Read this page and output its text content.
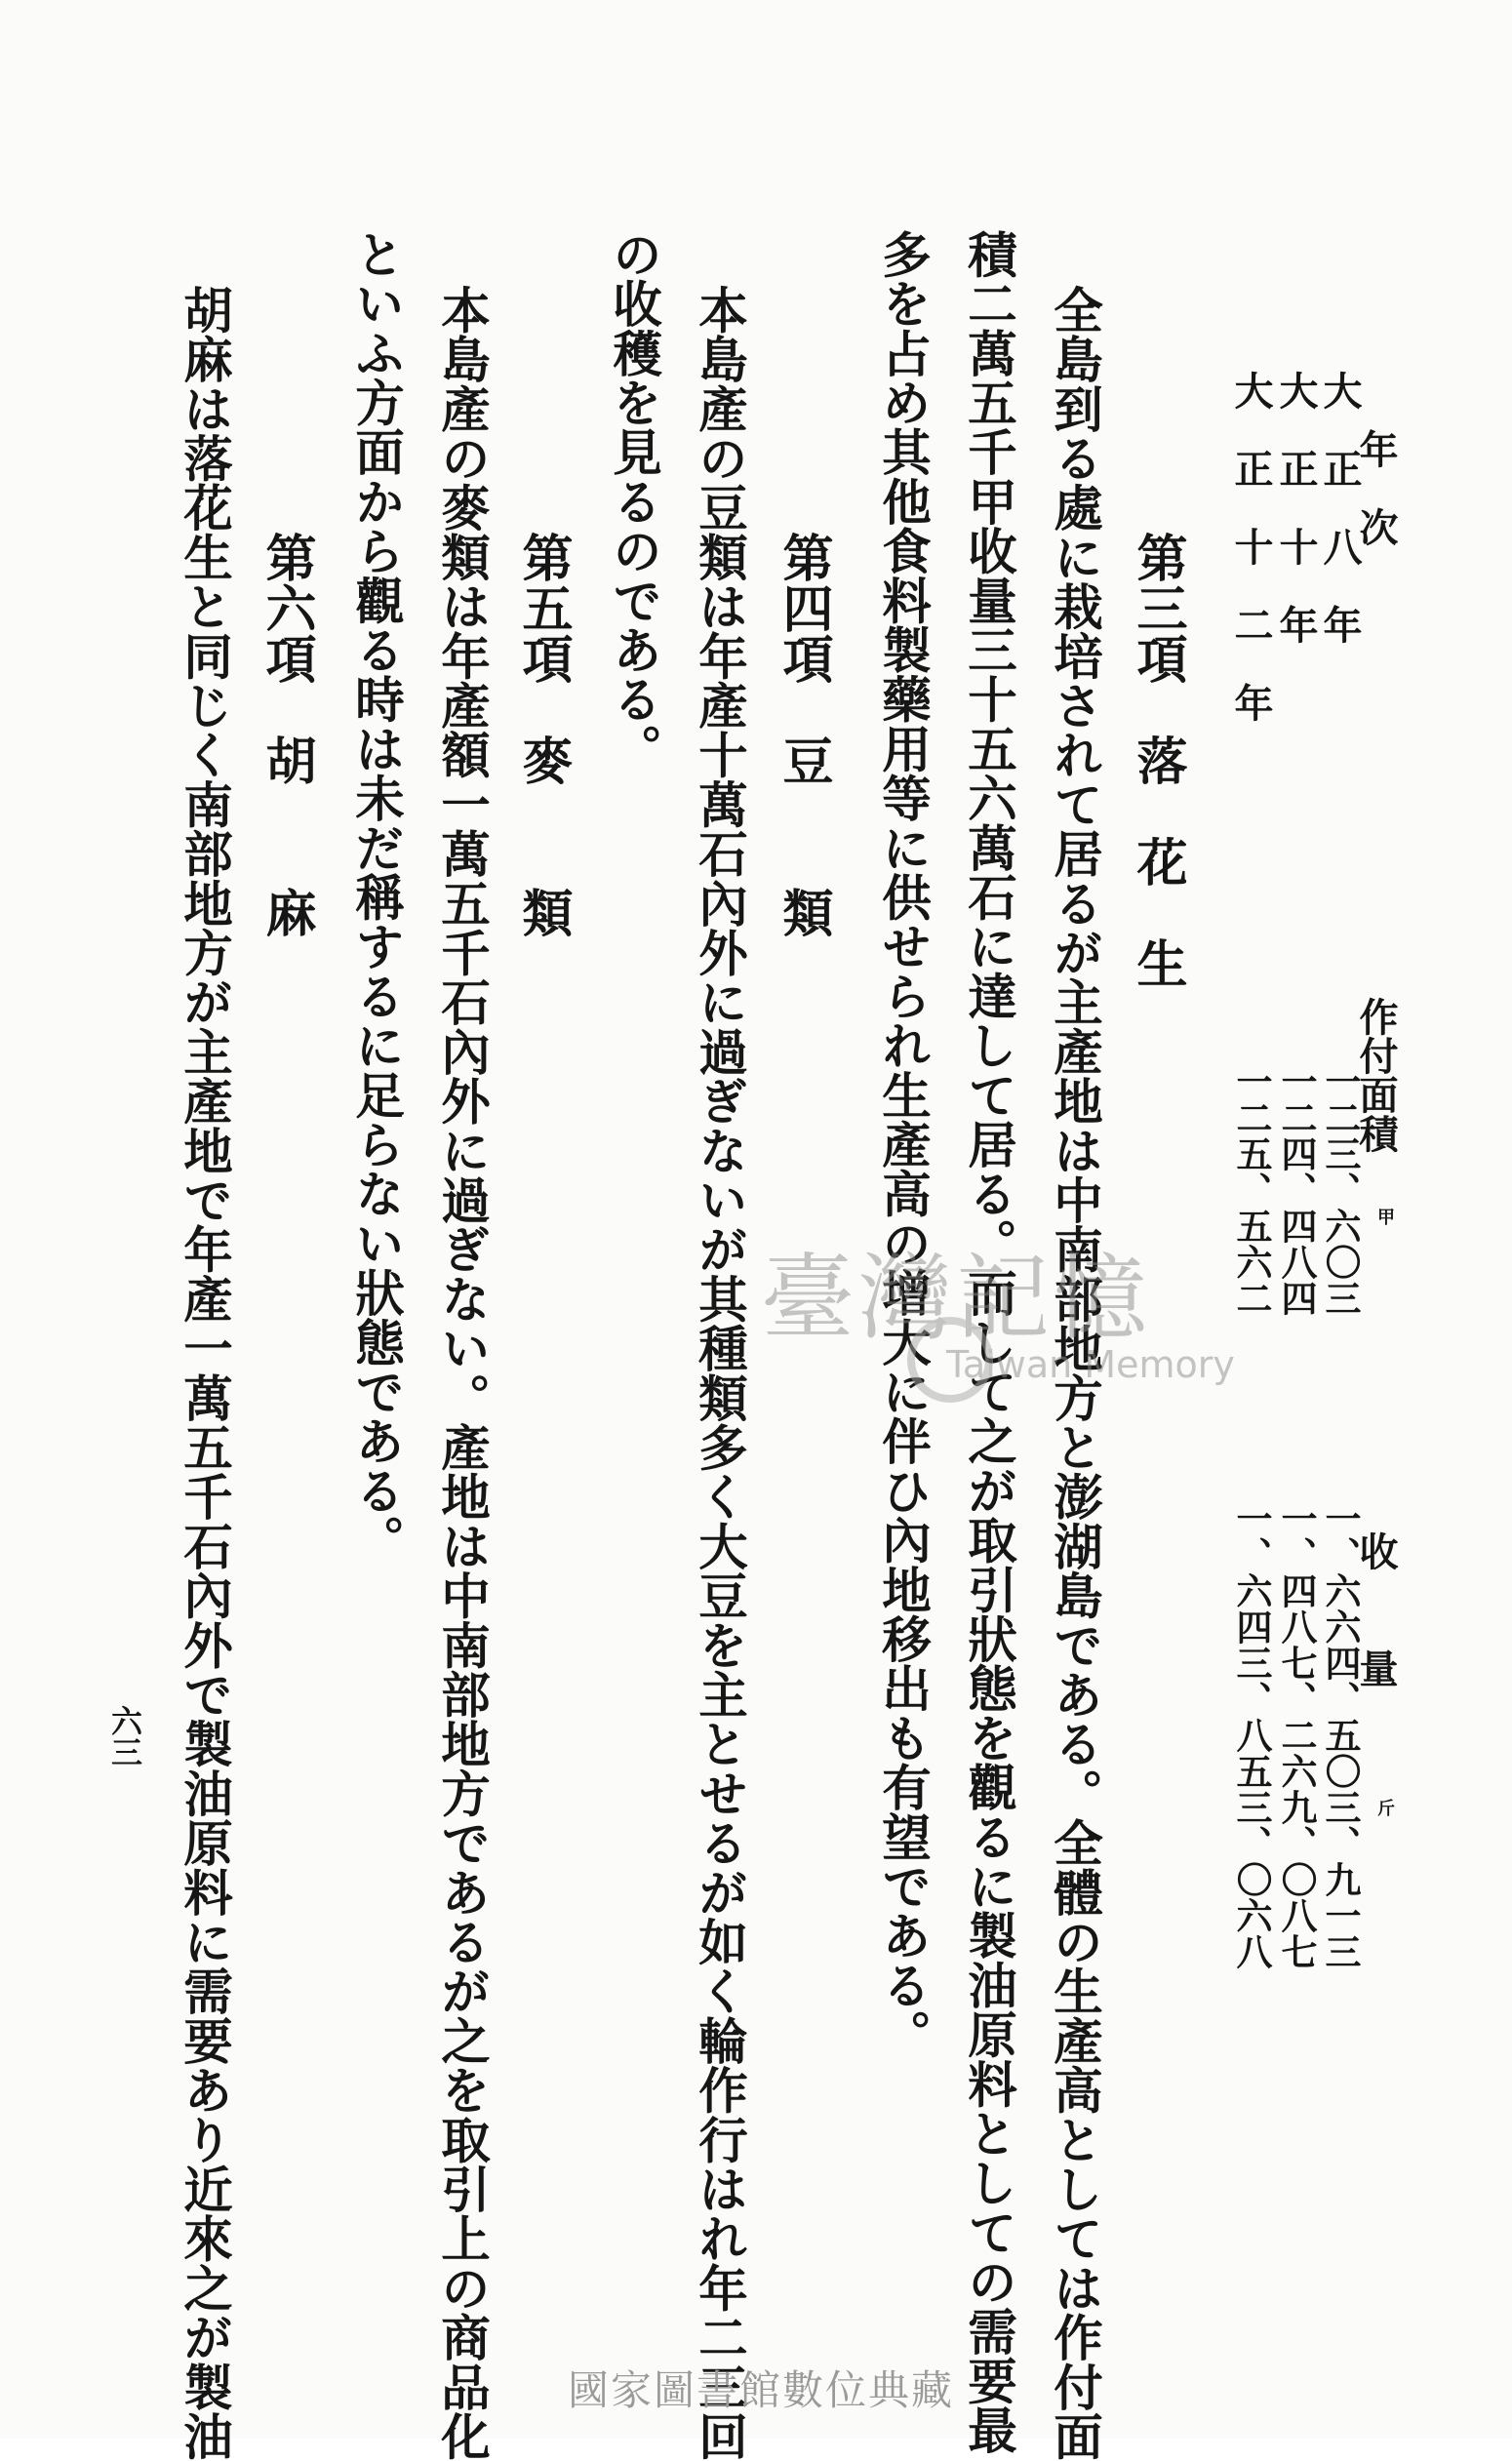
年　次
作付面積
收　　量
甲
斤
大　正　八　年
一二三、六〇三
一、六六四、五〇三、九一三
大　正　十　年
一二四、四八四
一、四八七、二六九、〇八七
大　正　十　二　年
一二五、五六二
一、六四三、八五三、〇六八
第三項　落　花　生
全島到る處に栽培されて居るが主產地は中南部地方と澎湖島である。全體の生產高としては作付面
積二萬五千甲收量三十五六萬石に達して居る。而して之が取引狀態を觀るに製油原料としての需要最
多を占め其他食料製藥用等に供せられ生產高の增大に伴ひ內地移出も有望である。
第四項　豆　　類
本島產の豆類は年產十萬石內外に過ぎないが其種類多く大豆を主とせるが如く輪作行はれ年二三回
の收穫を見るのである。
第五項　麥　　類
本島產の麥類は年產額一萬五千石內外に過ぎない。產地は中南部地方であるが之を取引上の商品化
といふ方面から觀る時は未だ稱するに足らない狀態である。
第六項　胡　　麻
胡麻は落花生と同じく南部地方が主產地で年產一萬五千石內外で製油原料に需要あり近來之が製油
六三
臺灣記憶
Taiwan Memory
國家圖書館數位典藏
